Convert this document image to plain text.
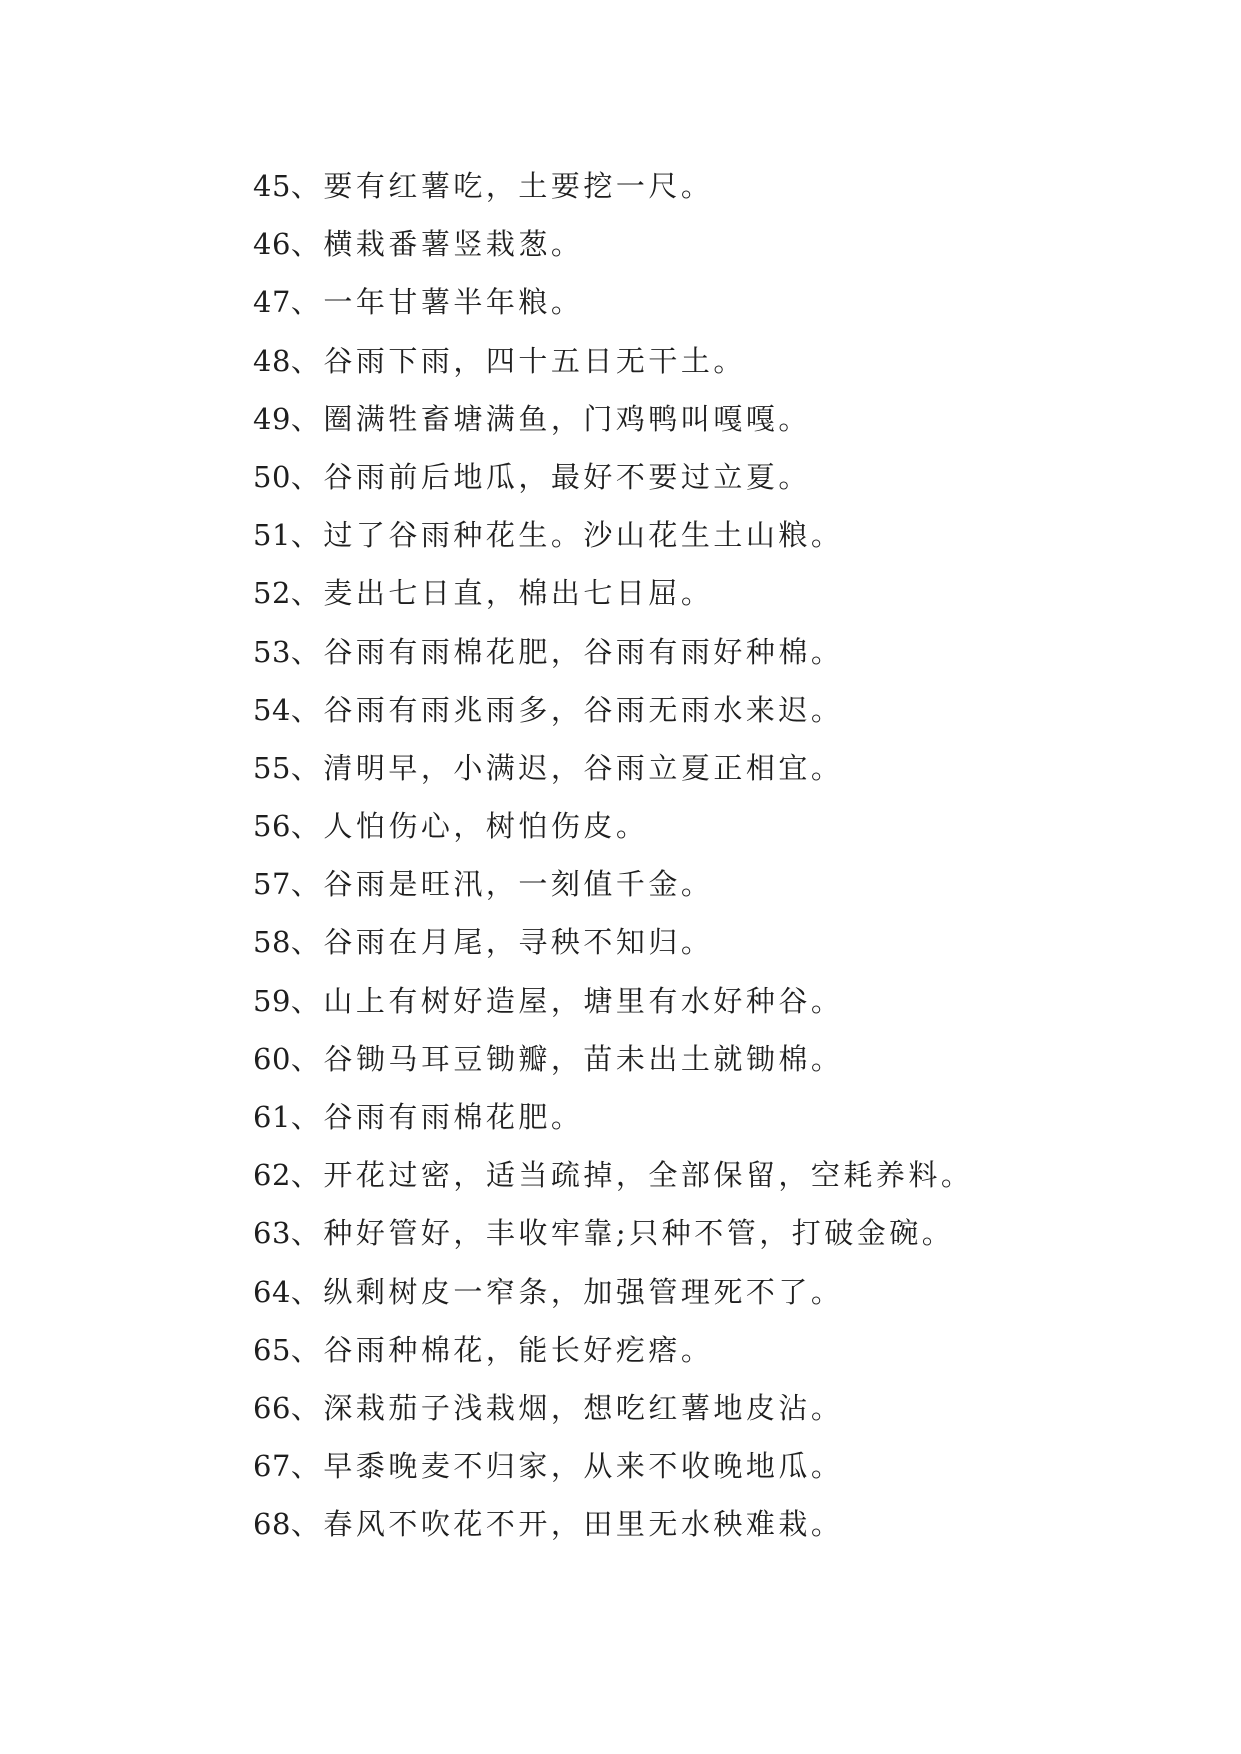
45、要有红薯吃，土要挖一尺。
46、横栽番薯竖栽葱。
47、一年甘薯半年粮。
48、谷雨下雨，四十五日无干土。
49、圈满牲畜塘满鱼，门鸡鸭叫嘎嘎。
50、谷雨前后地瓜，最好不要过立夏。
51、过了谷雨种花生。沙山花生土山粮。
52、麦出七日直，棉出七日屈。
53、谷雨有雨棉花肥，谷雨有雨好种棉。
54、谷雨有雨兆雨多，谷雨无雨水来迟。
55、清明早，小满迟，谷雨立夏正相宜。
56、人怕伤心，树怕伤皮。
57、谷雨是旺汛，一刻值千金。
58、谷雨在月尾，寻秧不知归。
59、山上有树好造屋，塘里有水好种谷。
60、谷锄马耳豆锄瓣，苗未出土就锄棉。
61、谷雨有雨棉花肥。
62、开花过密，适当疏掉，全部保留，空耗养料。
63、种好管好，丰收牢靠;只种不管，打破金碗。
64、纵剩树皮一窄条，加强管理死不了。
65、谷雨种棉花，能长好疙瘩。
66、深栽茄子浅栽烟，想吃红薯地皮沾。
67、早黍晚麦不归家，从来不收晚地瓜。
68、春风不吹花不开，田里无水秧难栽。
